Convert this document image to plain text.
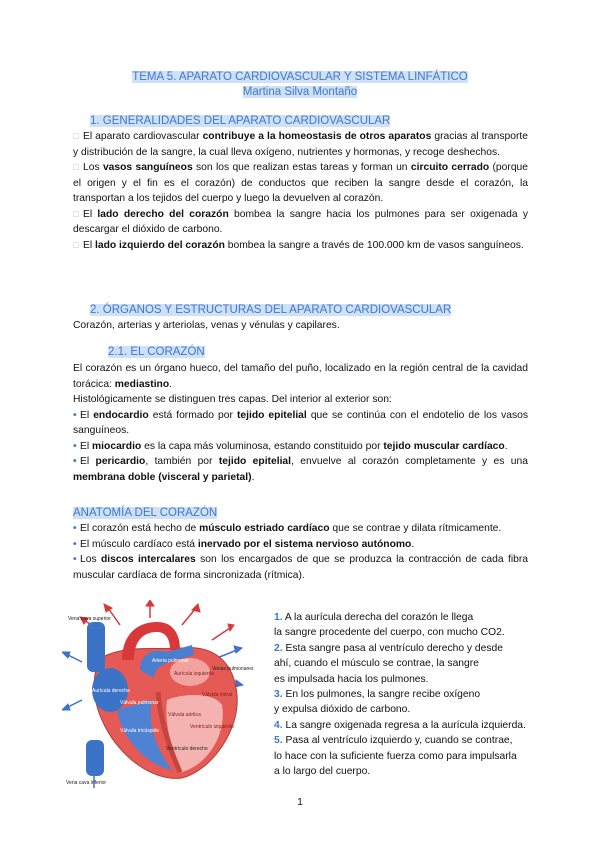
TEMA 5. APARATO CARDIOVASCULAR Y SISTEMA LINFÁTICO
Martina Silva Montaño
1. GENERALIDADES DEL APARATO CARDIOVASCULAR

□ El aparato cardiovascular contribuye a la homeostasis de otros aparatos gracias al transporte y distribución de la sangre, la cual lleva oxígeno, nutrientes y hormonas, y recoge deshechos.

□ Los vasos sanguíneos son los que realizan estas tareas y forman un circuito cerrado (porque el origen y el fin es el corazón) de conductos que reciben la sangre desde el corazón, la transportan a los tejidos del cuerpo y luego la devuelven al corazón.

□ El lado derecho del corazón bombea la sangre hacia los pulmones para ser oxigenada y descargar el dióxido de carbono.

□ El lado izquierdo del corazón bombea la sangre a través de 100.000 km de vasos sanguíneos.

2. ÓRGANOS Y ESTRUCTURAS DEL APARATO CARDIOVASCULAR

Corazón, arterias y arteriolas, venas y vénulas y capilares.

2.1. EL CORAZÓN

El corazón es un órgano hueco, del tamaño del puño, localizado en la región central de la cavidad torácica: mediastino.

Histológicamente se distinguen tres capas. Del interior al exterior son:

• El endocardio está formado por tejido epitelial que se continúa con el endotelio de los vasos sanguíneos.

• El miocardio es la capa más voluminosa, estando constituido por tejido muscular cardíaco.

• El pericardio, también por tejido epitelial, envuelve al corazón completamente y es una membrana doble (visceral y parietal).

ANATOMÍA DEL CORAZÓN

• El corazón está hecho de músculo estriado cardíaco que se contrae y dilata rítmicamente.

• El músculo cardíaco está inervado por el sistema nervioso autónomo.

• Los discos intercalares son los encargados de que se produzca la contracción de cada fibra muscular cardíaca de forma sincronizada (rítmica).

Vena cava superior
Aorta
Arteria pulmonar
Venas pulmonares
Aurícula derecha
Aurícula izquierda
Válvula pulmonar
Válvula mitral
Válvula aórtica
Válvula tricúspide
Ventrículo izquierdo
Ventrículo derecho
Vena cava inferior
1. A la aurícula derecha del corazón le llega
la sangre procedente del cuerpo, con mucho CO2.
2. Esta sangre pasa al ventrículo derecho y desde
ahí, cuando el músculo se contrae, la sangre
es impulsada hacia los pulmones.
3. En los pulmones, la sangre recibe oxígeno
y expulsa dióxido de carbono.
4. La sangre oxigenada regresa a la aurícula izquierda.
5. Pasa al ventrículo izquierdo y, cuando se contrae,
lo hace con la suficiente fuerza como para impulsarla
a lo largo del cuerpo.
1
